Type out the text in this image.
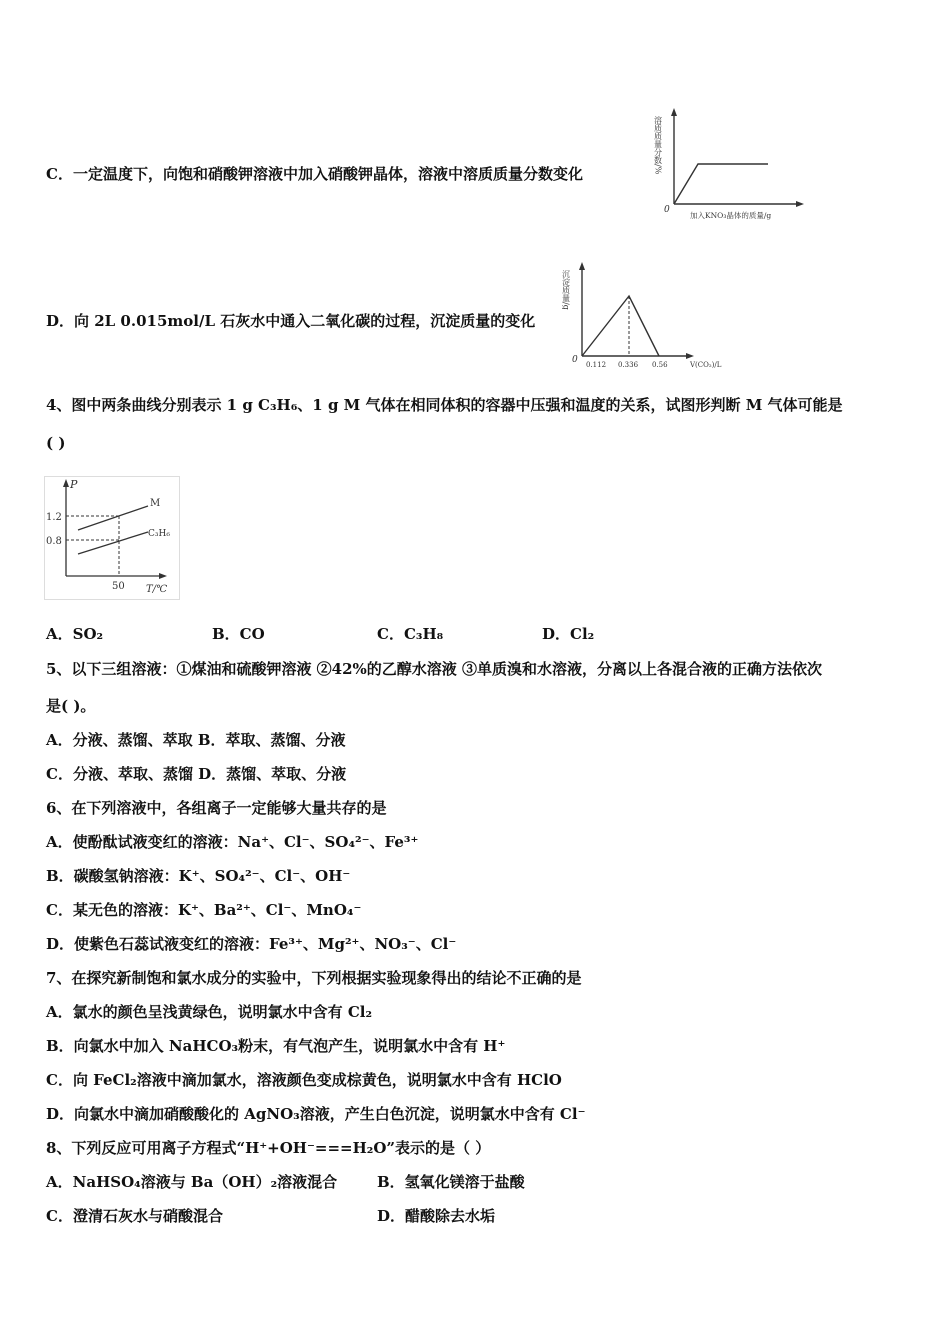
C．一定温度下，向饱和硝酸钾溶液中加入硝酸钾晶体，溶液中溶质质量分数变化	溶质质量分数/%
0
加入KNO₃晶体的质量/g
D．向 2L 0.015mol/L 石灰水中通入二氧化碳的过程，沉淀质量的变化
沉淀质量/g
0 0.112 0.336 0.56	V(CO₂)/L
4、图中两条曲线分别表示 1 g C₃H₆、1 g M 气体在相同体积的容器中压强和温度的关系，试图形判断 M 气体可能是
( )
P
1.2
0.8
50 T/℃
M
C₃H₆
A．SO₂	B．CO	C．C₃H₈	D．Cl₂
5、以下三组溶液：①煤油和硫酸钾溶液 ②42%的乙醇水溶液 ③单质溴和水溶液，分离以上各混合液的正确方法依次
是( )。
A．分液、蒸馏、萃取 B．萃取、蒸馏、分液
C．分液、萃取、蒸馏 D．蒸馏、萃取、分液
6、在下列溶液中，各组离子一定能够大量共存的是
A．使酚酞试液变红的溶液：Na⁺、Cl⁻、SO₄²⁻、Fe³⁺
B．碳酸氢钠溶液：K⁺、SO₄²⁻、Cl⁻、OH⁻
C．某无色的溶液：K⁺、Ba²⁺、Cl⁻、MnO₄⁻
D．使紫色石蕊试液变红的溶液：Fe³⁺、Mg²⁺、NO₃⁻、Cl⁻
7、在探究新制饱和氯水成分的实验中，下列根据实验现象得出的结论不正确的是
A．氯水的颜色呈浅黄绿色，说明氯水中含有 Cl₂
B．向氯水中加入 NaHCO₃粉末，有气泡产生，说明氯水中含有 H⁺
C．向 FeCl₂溶液中滴加氯水，溶液颜色变成棕黄色，说明氯水中含有 HClO
D．向氯水中滴加硝酸酸化的 AgNO₃溶液，产生白色沉淀，说明氯水中含有 Cl⁻
8、下列反应可用离子方程式“H⁺+OH⁻===H₂O”表示的是（ ）
A．NaHSO₄溶液与 Ba（OH）₂溶液混合	B．氢氧化镁溶于盐酸
C．澄清石灰水与硝酸混合	D．醋酸除去水垢
